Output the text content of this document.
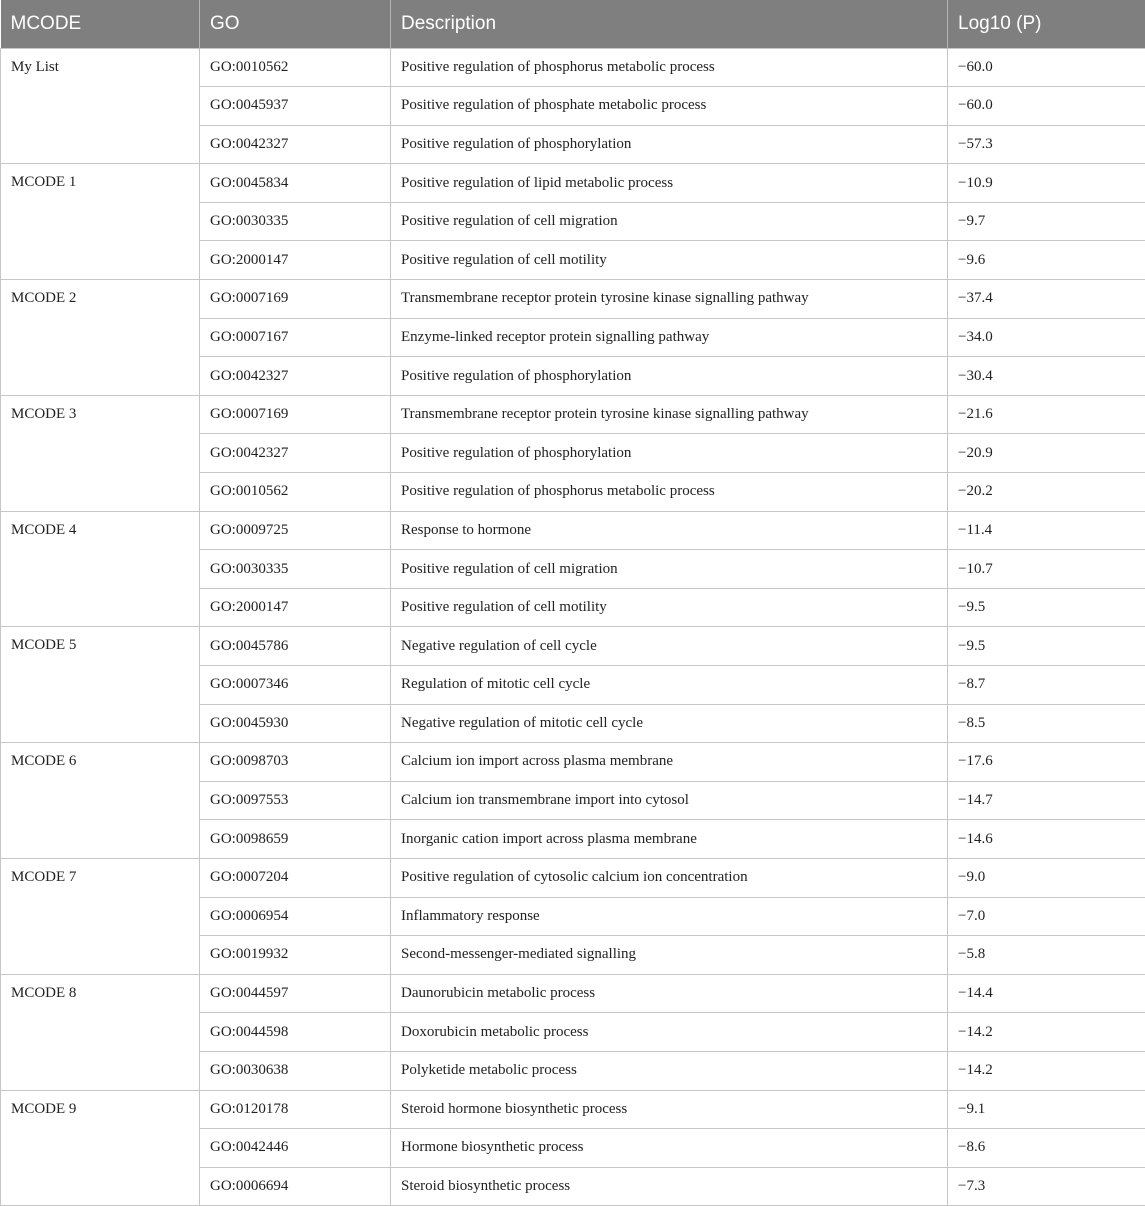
MCODE	GO	Description	Log10 (P)
My List	GO:0010562	Positive regulation of phosphorus metabolic process	−60.0
	GO:0045937	Positive regulation of phosphate metabolic process	−60.0
	GO:0042327	Positive regulation of phosphorylation	−57.3
MCODE 1	GO:0045834	Positive regulation of lipid metabolic process	−10.9
	GO:0030335	Positive regulation of cell migration	−9.7
	GO:2000147	Positive regulation of cell motility	−9.6
MCODE 2	GO:0007169	Transmembrane receptor protein tyrosine kinase signalling pathway	−37.4
	GO:0007167	Enzyme-linked receptor protein signalling pathway	−34.0
	GO:0042327	Positive regulation of phosphorylation	−30.4
MCODE 3	GO:0007169	Transmembrane receptor protein tyrosine kinase signalling pathway	−21.6
	GO:0042327	Positive regulation of phosphorylation	−20.9
	GO:0010562	Positive regulation of phosphorus metabolic process	−20.2
MCODE 4	GO:0009725	Response to hormone	−11.4
	GO:0030335	Positive regulation of cell migration	−10.7
	GO:2000147	Positive regulation of cell motility	−9.5
MCODE 5	GO:0045786	Negative regulation of cell cycle	−9.5
	GO:0007346	Regulation of mitotic cell cycle	−8.7
	GO:0045930	Negative regulation of mitotic cell cycle	−8.5
MCODE 6	GO:0098703	Calcium ion import across plasma membrane	−17.6
	GO:0097553	Calcium ion transmembrane import into cytosol	−14.7
	GO:0098659	Inorganic cation import across plasma membrane	−14.6
MCODE 7	GO:0007204	Positive regulation of cytosolic calcium ion concentration	−9.0
	GO:0006954	Inflammatory response	−7.0
	GO:0019932	Second-messenger-mediated signalling	−5.8
MCODE 8	GO:0044597	Daunorubicin metabolic process	−14.4
	GO:0044598	Doxorubicin metabolic process	−14.2
	GO:0030638	Polyketide metabolic process	−14.2
MCODE 9	GO:0120178	Steroid hormone biosynthetic process	−9.1
	GO:0042446	Hormone biosynthetic process	−8.6
	GO:0006694	Steroid biosynthetic process	−7.3
